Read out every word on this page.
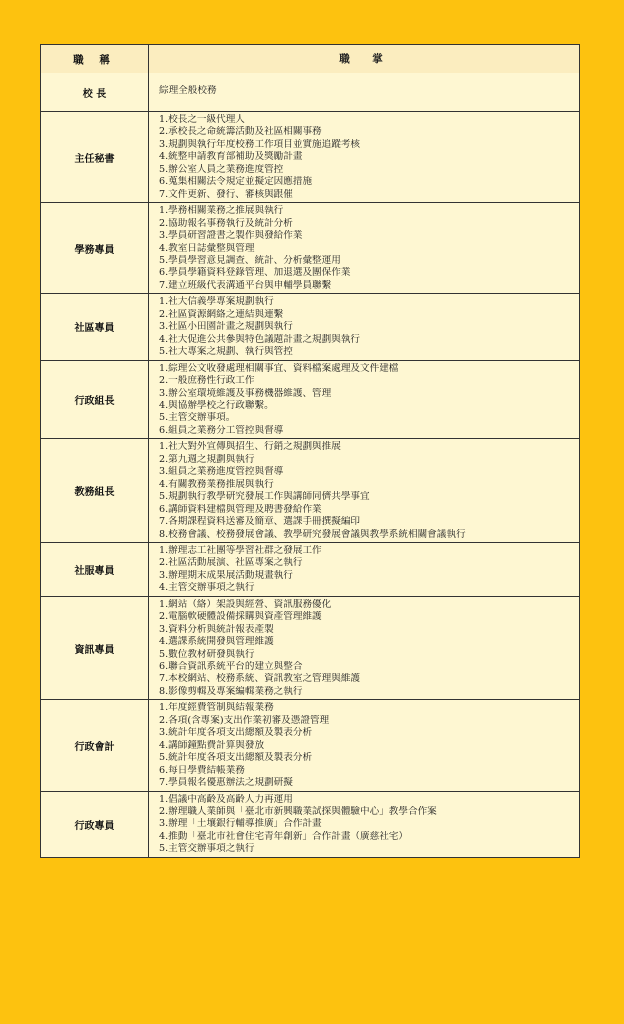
職 稱	職　掌
校 長	綜理全般校務
主任秘書
1.校長之一級代理人
2.承校長之命統籌活動及社區相關事務
3.規劃與執行年度校務工作項目並實施追蹤考核
4.統整申請教育部補助及獎勵計畫
5.辦公室人員之業務進度管控
6.蒐集相關法令規定並擬定因應措施
7.文件更新、發行、審核與跟催
學務專員
1.學務相關業務之推展與執行
2.協助報名事務執行及統計分析
3.學員研習證書之製作與發給作業
4.教室日誌彙整與管理
5.學員學習意見調查、統計、分析彙整運用
6.學員學籍資料登錄管理、加退選及團保作業
7.建立班級代表溝通平台與申輔學員聯繫
社區專員
1.社大信義學專案規劃執行
2.社區資源網絡之連結與連繫
3.社區小田園計畫之規劃與執行
4.社大促進公共參與特色議題計畫之規劃與執行
5.社大專案之規劃、執行與管控
行政組長
1.綜理公文收發處理相關事宜、資料檔案處理及文件建檔
2.一般庶務性行政工作
3.辦公室環境維護及事務機器維護、管理
4.與協辦學校之行政聯繫。
5.主管交辦事項。
6.組員之業務分工管控與督導
教務組長
1.社大對外宣傳與招生、行銷之規劃與推展
2.第九週之規劃與執行
3.組員之業務進度管控與督導
4.有關教務業務推展與執行
5.規劃執行教學研究發展工作與講師同儕共學事宜
6.講師資料建檔與管理及聘書發給作業
7.各期課程資料送審及簡章、選課手冊撰擬編印
8.校務會議、校務發展會議、教學研究發展會議與教學系統相關會議執行
社服專員
1.辦理志工社團等學習社群之發展工作
2.社區活動展演、社區專案之執行
3.辦理期末成果展活動規畫執行
4.主管交辦事項之執行
資訊專員
1.網站（絡）架設與經營、資訊服務優化
2.電腦軟硬體設備採購與資產管理維護
3.資料分析與統計報表產製
4.選課系統開發與管理維護
5.數位教材研發與執行
6.聯合資訊系統平台的建立與整合
7.本校網站、校務系統、資訊教室之管理與維護
8.影像剪輯及專案編輯業務之執行
行政會計
1.年度經費管制與結報業務
2.各項(含專案)支出作業初審及憑證管理
3.統計年度各項支出總額及製表分析
4.講師鐘點費計算與發放
5.統計年度各項支出總額及製表分析
6.每日學費結帳業務
7.學員報名優惠辦法之規劃研擬
行政專員
1.倡議中高齡及高齡人力再運用
2.辦理職人業師與「臺北市新興職業試探與體驗中心」教學合作案
3.辦理「土壤銀行輔導推廣」合作計畫
4.推動「臺北市社會住宅青年創新」合作計畫（廣慈社宅）
5.主管交辦事項之執行
